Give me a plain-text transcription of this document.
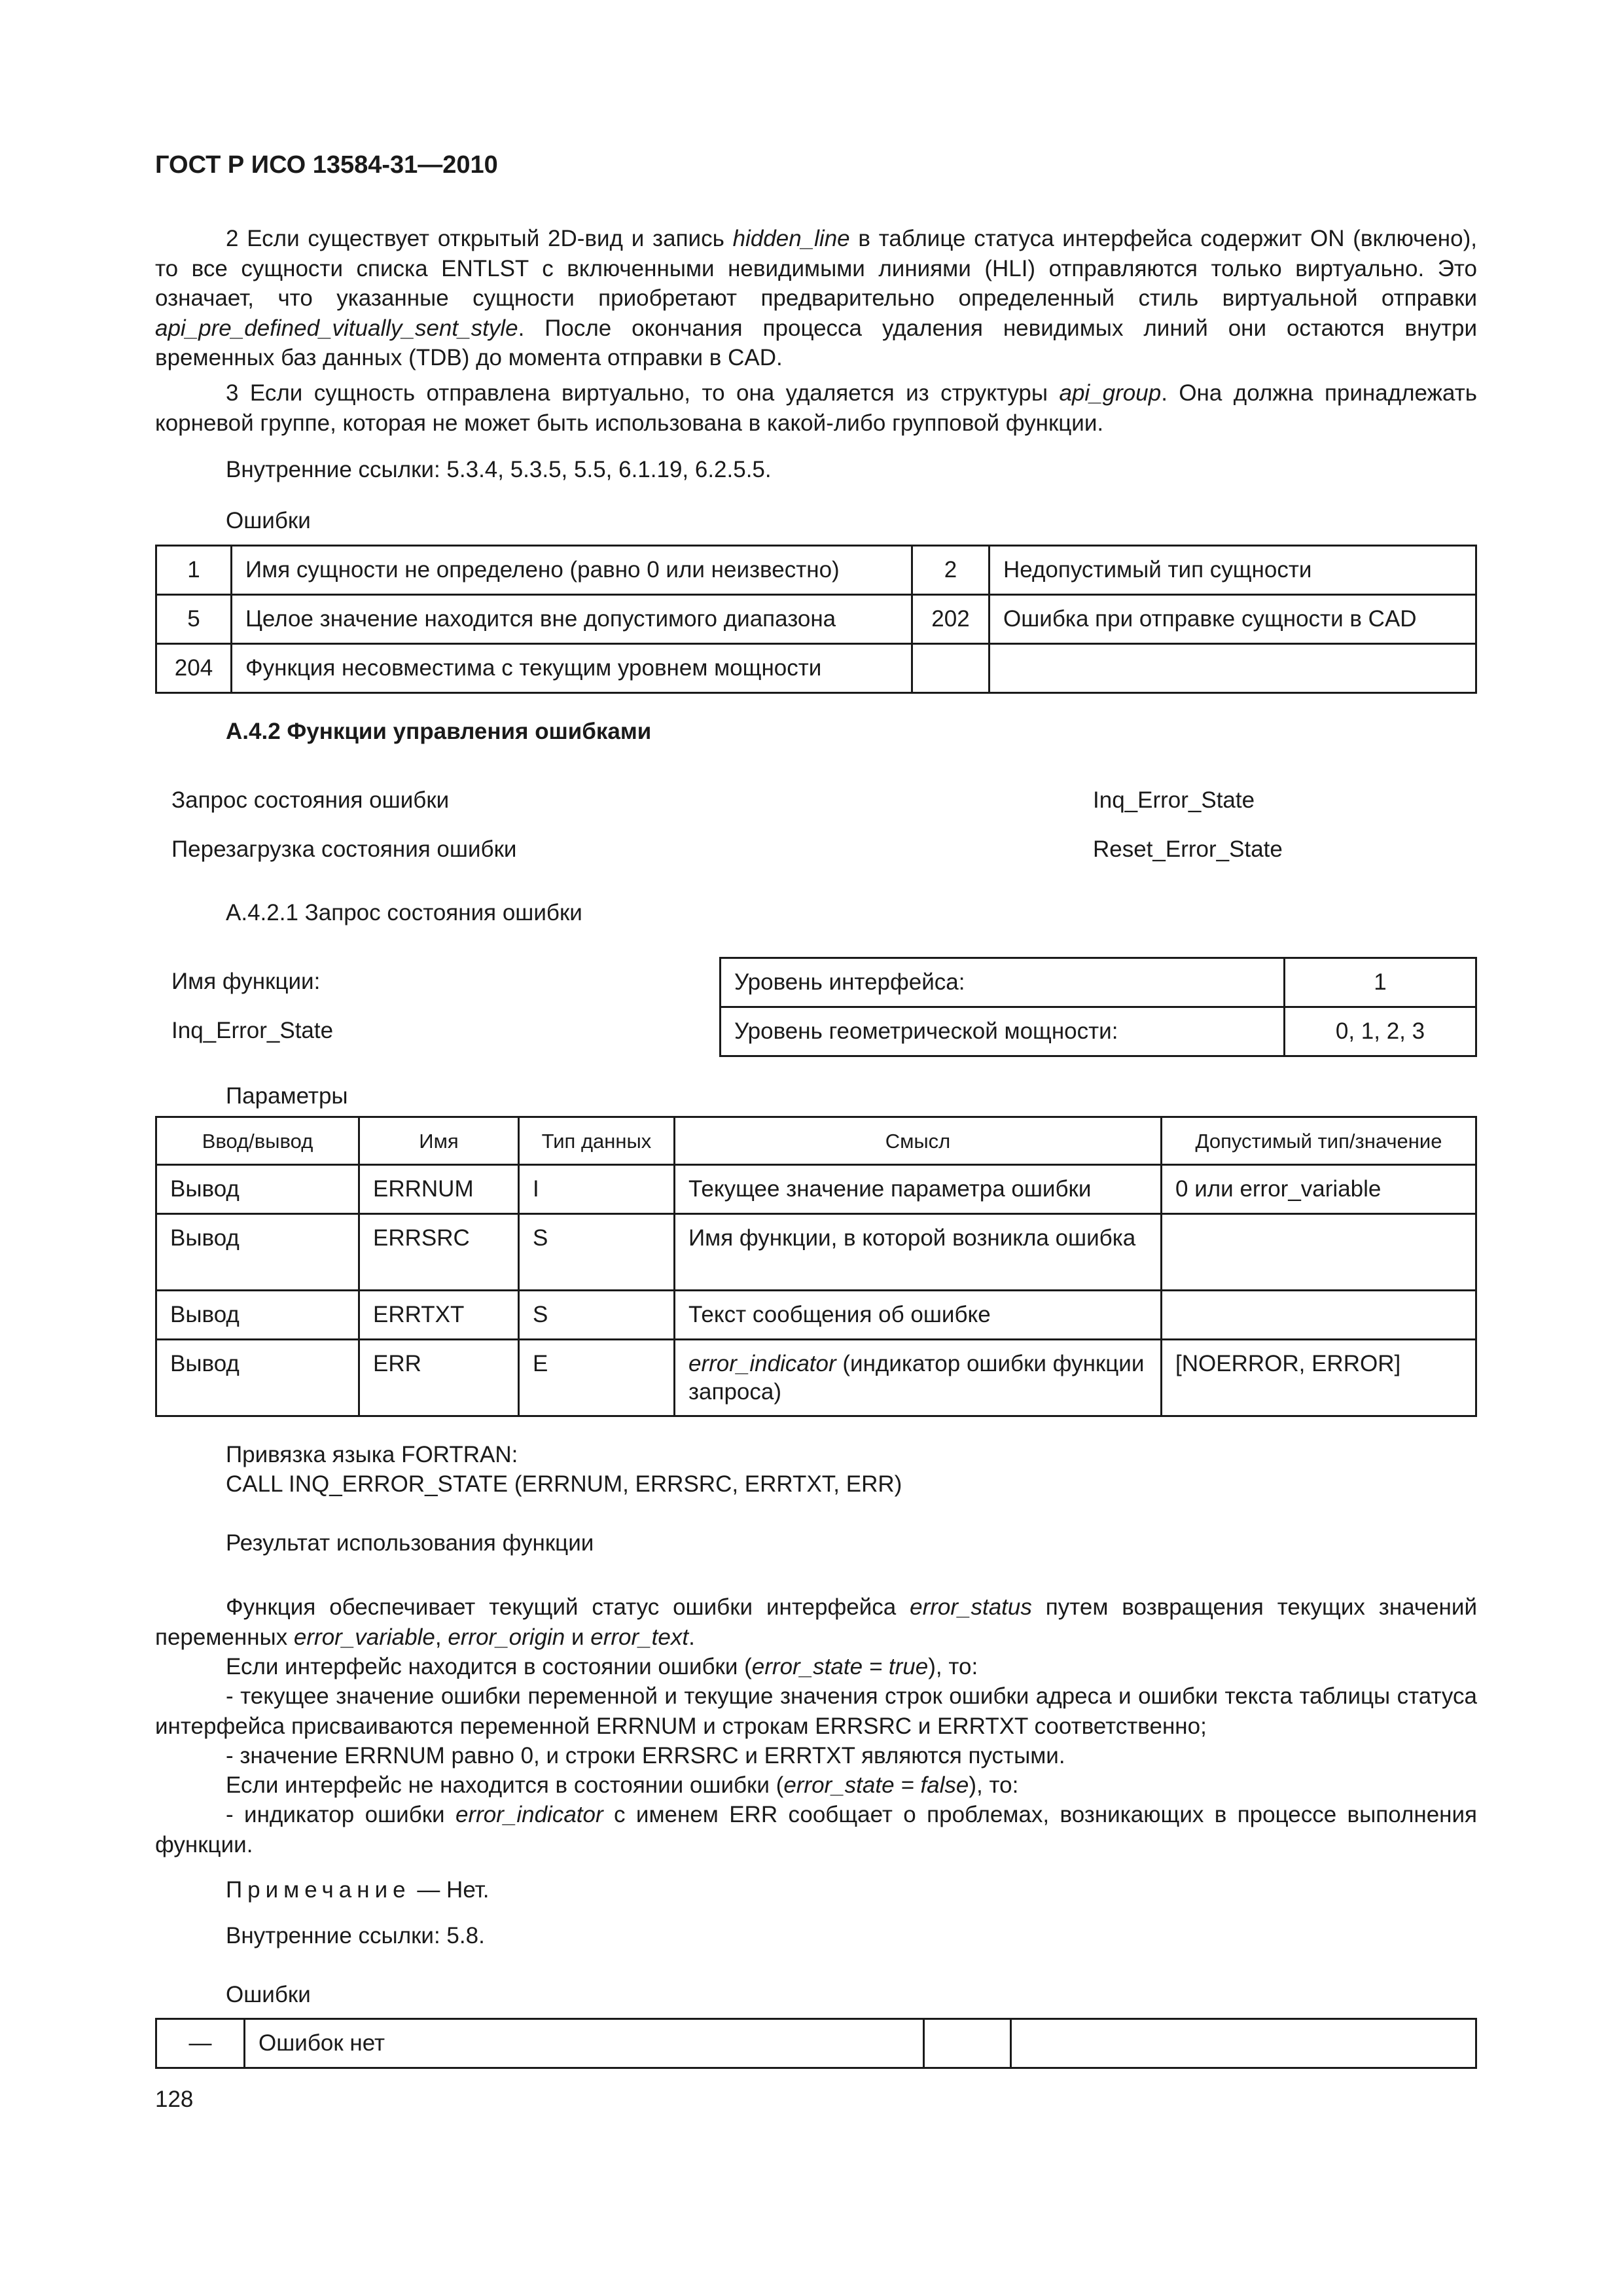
ГОСТ Р ИСО 13584-31—2010
2 Если существует открытый 2D-вид и запись hidden_line в таблице статуса интерфейса содержит ON (включено), то все сущности списка ENTLST с включенными невидимыми линиями (HLI) отправляются только виртуально. Это означает, что указанные сущности приобретают предварительно определенный стиль виртуальной отправки api_pre_defined_vitually_sent_style. После окончания процесса удаления невидимых линий они остаются внутри временных баз данных (TDB) до момента отправки в CAD.
3 Если сущность отправлена виртуально, то она удаляется из структуры api_group. Она должна принадлежать корневой группе, которая не может быть использована в какой-либо групповой функции.
Внутренние ссылки: 5.3.4, 5.3.5, 5.5, 6.1.19, 6.2.5.5.
Ошибки
1	Имя сущности не определено (равно 0 или неизвестно)	2	Недопустимый тип сущности
5	Целое значение находится вне допустимого диапазона	202	Ошибка при отправке сущности в CAD
204	Функция несовместима с текущим уровнем мощности		
А.4.2 Функции управления ошибками
Запрос состояния ошибки	Inq_Error_State
Перезагрузка состояния ошибки	Reset_Error_State
А.4.2.1 Запрос состояния ошибки
Имя функции:
Inq_Error_State
Уровень интерфейса:	1
Уровень геометрической мощности:	0, 1, 2, 3
Параметры
Ввод/вывод	Имя	Тип данных	Смысл	Допустимый тип/значение
Вывод	ERRNUM	I	Текущее значение параметра ошибки	0 или error_variable
Вывод	ERRSRC	S	Имя функции, в которой возникла ошибка	
Вывод	ERRTXT	S	Текст сообщения об ошибке	
Вывод	ERR	E	error_indicator (индикатор ошибки функции запроса)	[NOERROR, ERROR]
Привязка языка FORTRAN:
CALL INQ_ERROR_STATE (ERRNUM, ERRSRC, ERRTXT, ERR)
Результат использования функции
Функция обеспечивает текущий статус ошибки интерфейса error_status путем возвращения текущих значений переменных error_variable, error_origin и error_text.
Если интерфейс находится в состоянии ошибки (error_state = true), то:
- текущее значение ошибки переменной и текущие значения строк ошибки адреса и ошибки текста таблицы статуса интерфейса присваиваются переменной ERRNUM и строкам ERRSRC и ERRTXT соответственно;
- значение ERRNUM равно 0, и строки ERRSRC и ERRTXT являются пустыми.
Если интерфейс не находится в состоянии ошибки (error_state = false), то:
- индикатор ошибки error_indicator с именем ERR сообщает о проблемах, возникающих в процессе выполнения функции.
Примечание — Нет.
Внутренние ссылки: 5.8.
Ошибки
—	Ошибок нет		
128
